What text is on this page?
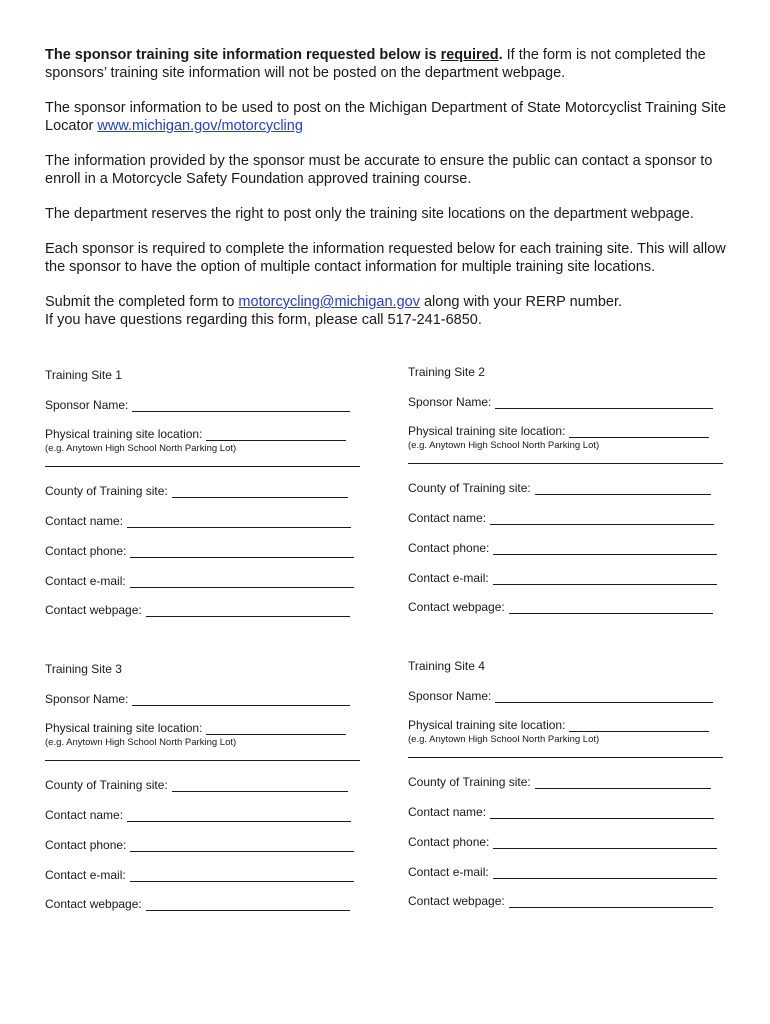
The sponsor training site information requested below is required. If the form is not completed the sponsors’ training site information will not be posted on the department webpage.

The sponsor information to be used to post on the Michigan Department of State Motorcyclist Training Site Locator www.michigan.gov/motorcycling

The information provided by the sponsor must be accurate to ensure the public can contact a sponsor to enroll in a Motorcycle Safety Foundation approved training course.

The department reserves the right to post only the training site locations on the department webpage.

Each sponsor is required to complete the information requested below for each training site. This will allow the sponsor to have the option of multiple contact information for multiple training site locations.

Submit the completed form to motorcycling@michigan.gov along with your RERP number.
If you have questions regarding this form, please call 517-241-6850.

Training Site 1
Sponsor Name:
Physical training site location:
(e.g. Anytown High School North Parking Lot)
County of Training site:
Contact name:
Contact phone:
Contact e-mail:
Contact webpage:
Training Site 2
Sponsor Name:
Physical training site location:
(e.g. Anytown High School North Parking Lot)
County of Training site:
Contact name:
Contact phone:
Contact e-mail:
Contact webpage:
Training Site 3
Sponsor Name:
Physical training site location:
(e.g. Anytown High School North Parking Lot)
County of Training site:
Contact name:
Contact phone:
Contact e-mail:
Contact webpage:
Training Site 4
Sponsor Name:
Physical training site location:
(e.g. Anytown High School North Parking Lot)
County of Training site:
Contact name:
Contact phone:
Contact e-mail:
Contact webpage:
